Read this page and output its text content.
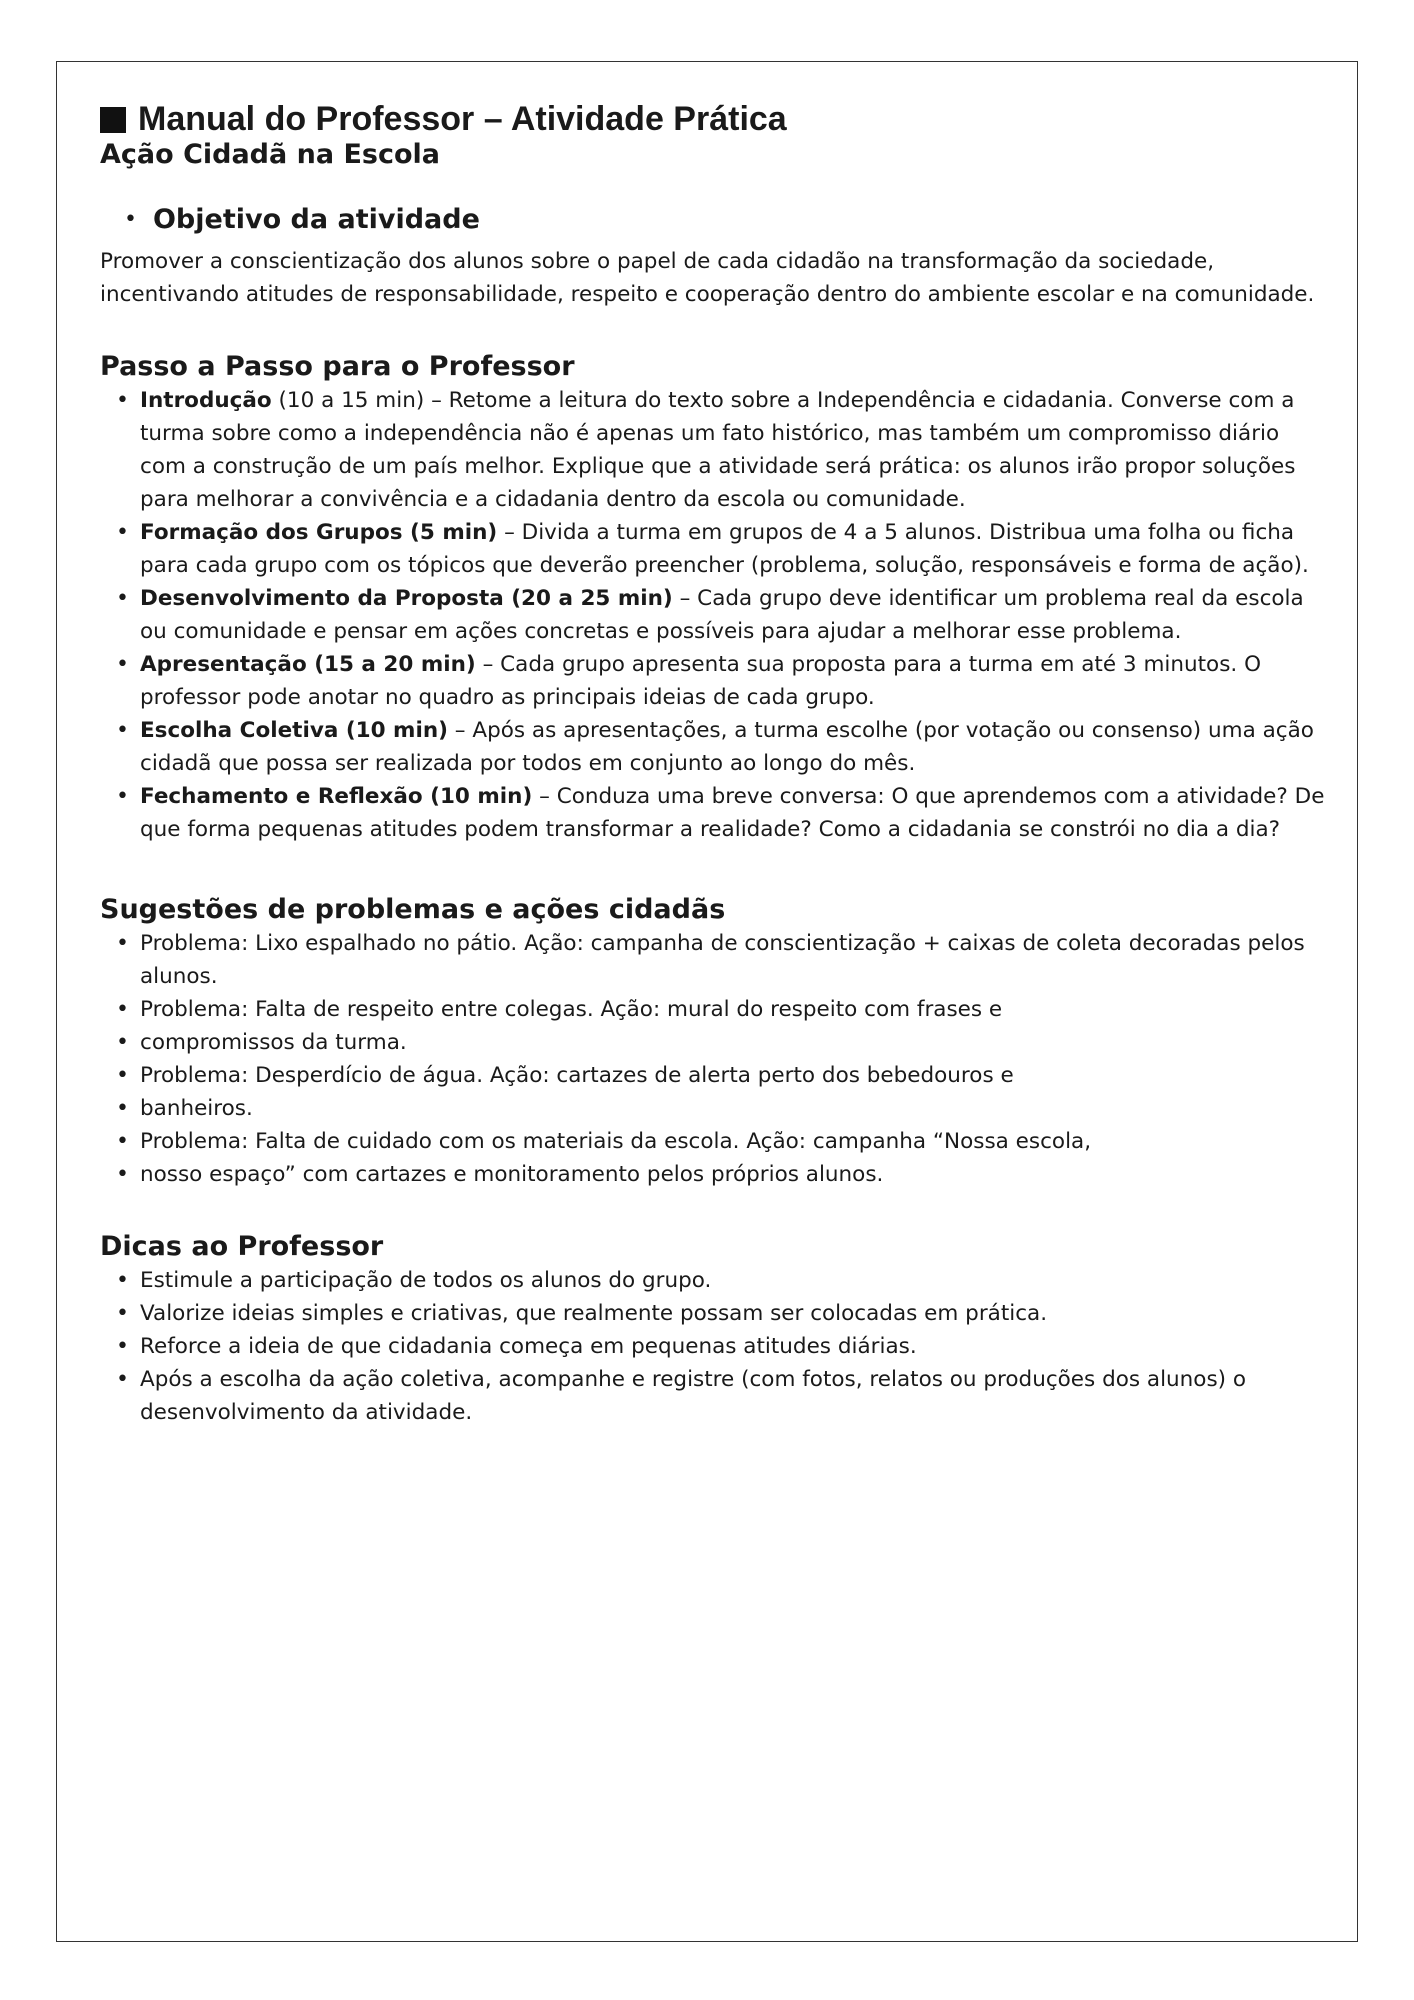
Manual do Professor – Atividade Prática
Ação Cidadã na Escola
• Objetivo da atividade

Promover a conscientização dos alunos sobre o papel de cada cidadão na transformação da sociedade, incentivando atitudes de responsabilidade, respeito e cooperação dentro do ambiente escolar e na comunidade.

Passo a Passo para o Professor
• Introdução (10 a 15 min) – Retome a leitura do texto sobre a Independência e cidadania. Converse com a turma sobre como a independência não é apenas um fato histórico, mas também um compromisso diário com a construção de um país melhor. Explique que a atividade será prática: os alunos irão propor soluções para melhorar a convivência e a cidadania dentro da escola ou comunidade.
• Formação dos Grupos (5 min) – Divida a turma em grupos de 4 a 5 alunos. Distribua uma folha ou ficha para cada grupo com os tópicos que deverão preencher (problema, solução, responsáveis e forma de ação).
• Desenvolvimento da Proposta (20 a 25 min) – Cada grupo deve identificar um problema real da escola ou comunidade e pensar em ações concretas e possíveis para ajudar a melhorar esse problema.
• Apresentação (15 a 20 min) – Cada grupo apresenta sua proposta para a turma em até 3 minutos. O professor pode anotar no quadro as principais ideias de cada grupo.
• Escolha Coletiva (10 min) – Após as apresentações, a turma escolhe (por votação ou consenso) uma ação cidadã que possa ser realizada por todos em conjunto ao longo do mês.
• Fechamento e Reflexão (10 min) – Conduza uma breve conversa: O que aprendemos com a atividade? De que forma pequenas atitudes podem transformar a realidade? Como a cidadania se constrói no dia a dia?
Sugestões de problemas e ações cidadãs
• Problema: Lixo espalhado no pátio. Ação: campanha de conscientização + caixas de coleta decoradas pelos alunos.
• Problema: Falta de respeito entre colegas. Ação: mural do respeito com frases e
• compromissos da turma.
• Problema: Desperdício de água. Ação: cartazes de alerta perto dos bebedouros e
• banheiros.
• Problema: Falta de cuidado com os materiais da escola. Ação: campanha “Nossa escola,
• nosso espaço” com cartazes e monitoramento pelos próprios alunos.
Dicas ao Professor
• Estimule a participação de todos os alunos do grupo.
• Valorize ideias simples e criativas, que realmente possam ser colocadas em prática.
• Reforce a ideia de que cidadania começa em pequenas atitudes diárias.
• Após a escolha da ação coletiva, acompanhe e registre (com fotos, relatos ou produções dos alunos) o desenvolvimento da atividade.
